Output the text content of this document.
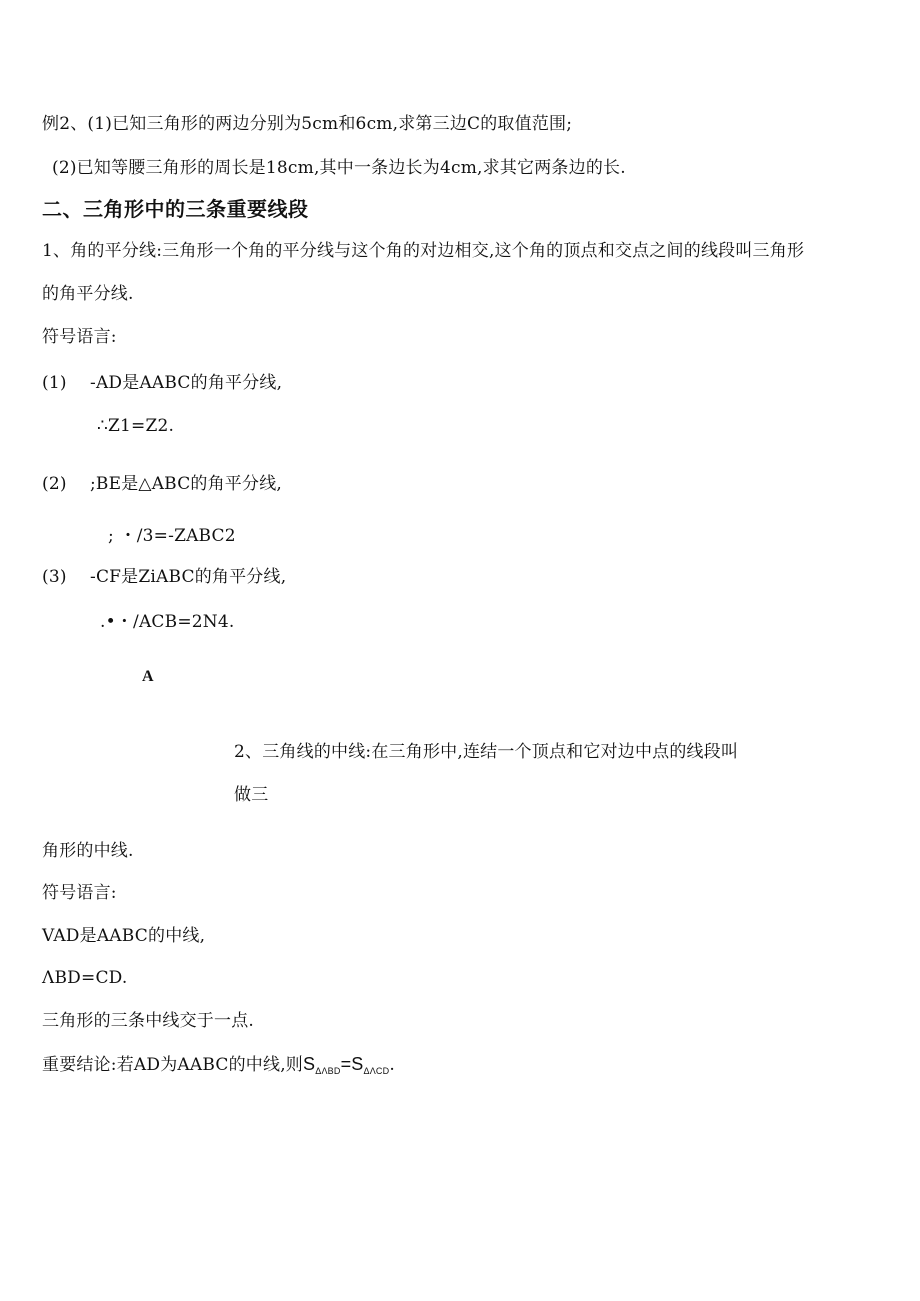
例2、(1)已知三角形的两边分别为5cm和6cm,求第三边C的取值范围;
(2)已知等腰三角形的周长是18cm,其中一条边长为4cm,求其它两条边的长.
二、三角形中的三条重要线段
1、角的平分线:三角形一个角的平分线与这个角的对边相交,这个角的顶点和交点之间的线段叫三角形
的角平分线.
符号语言:
(1) -AD是AABC的角平分线,
∴Z1=Z2.
(2) ;BE是△ABC的角平分线,
; ・/3=-ZABC2
(3) -CF是ZiABC的角平分线,
.•・/ACB=2N4.
A
2、三角线的中线:在三角形中,连结一个顶点和它对边中点的线段叫
做三
角形的中线.
符号语言:
VAD是AABC的中线,
ΛBD=CD.
三角形的三条中线交于一点.
重要结论:若AD为AABC的中线,则$S_{\Delta\Lambda BD}=S_{\Delta\Lambda CD}$.
